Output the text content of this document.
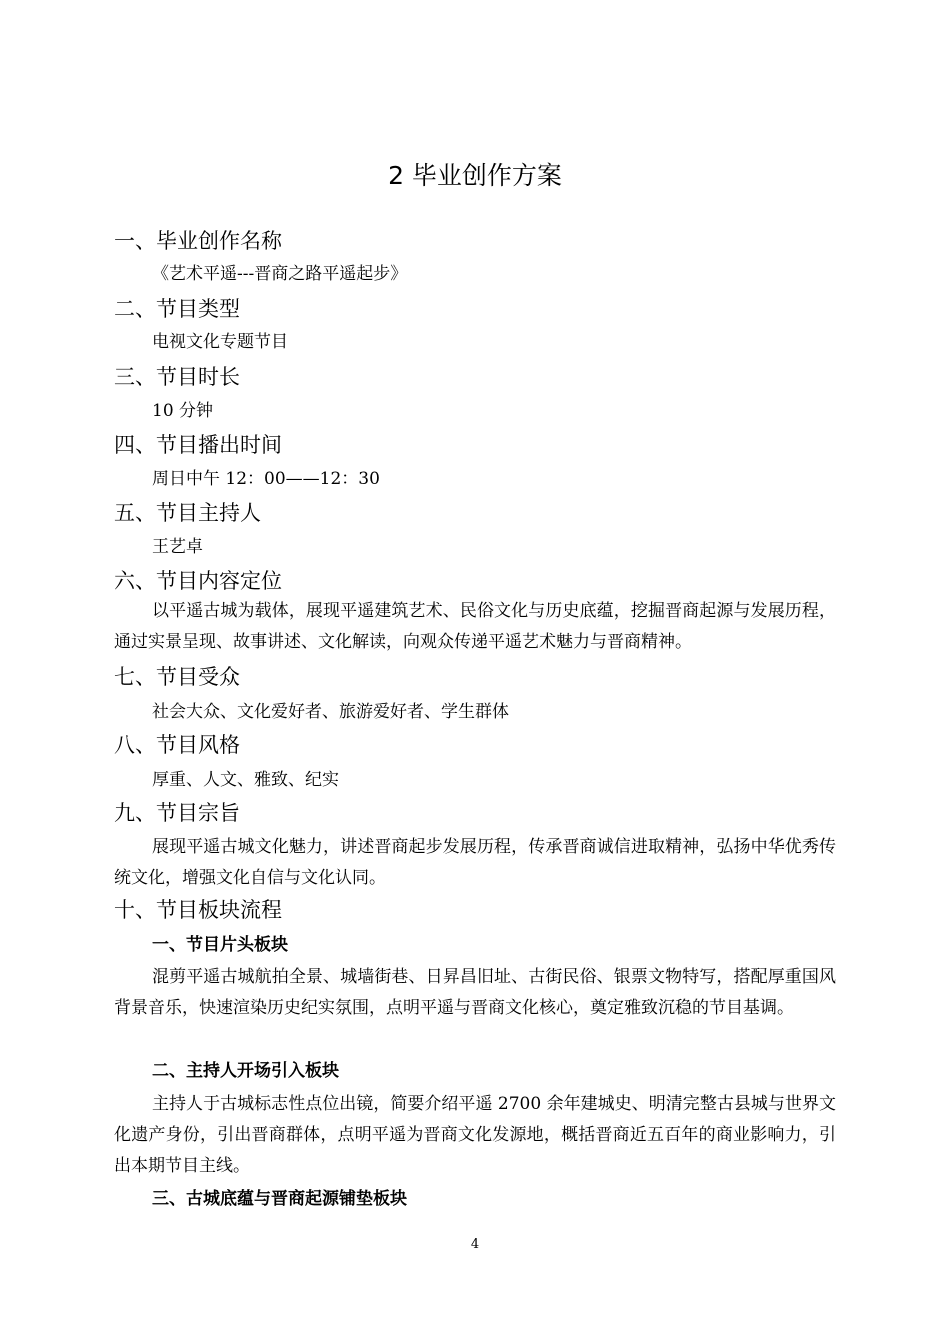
2 毕业创作方案
一、毕业创作名称

《艺术平遥---晋商之路平遥起步》

二、节目类型

电视文化专题节目

三、节目时长

10 分钟

四、节目播出时间

周日中午 12：00——12：30

五、节目主持人

王艺卓

六、节目内容定位

以平遥古城为载体，展现平遥建筑艺术、民俗文化与历史底蕴，挖掘晋商起源与发展历程，通过实景呈现、故事讲述、文化解读，向观众传递平遥艺术魅力与晋商精神。

七、节目受众

社会大众、文化爱好者、旅游爱好者、学生群体

八、节目风格

厚重、人文、雅致、纪实

九、节目宗旨

展现平遥古城文化魅力，讲述晋商起步发展历程，传承晋商诚信进取精神，弘扬中华优秀传统文化，增强文化自信与文化认同。

十、节目板块流程
一、节目片头板块

混剪平遥古城航拍全景、城墙街巷、日昇昌旧址、古街民俗、银票文物特写，搭配厚重国风背景音乐，快速渲染历史纪实氛围，点明平遥与晋商文化核心，奠定雅致沉稳的节目基调。

二、主持人开场引入板块

主持人于古城标志性点位出镜，简要介绍平遥 2700 余年建城史、明清完整古县城与世界文化遗产身份，引出晋商群体，点明平遥为晋商文化发源地，概括晋商近五百年的商业影响力，引出本期节目主线。

三、古城底蕴与晋商起源铺垫板块
4
